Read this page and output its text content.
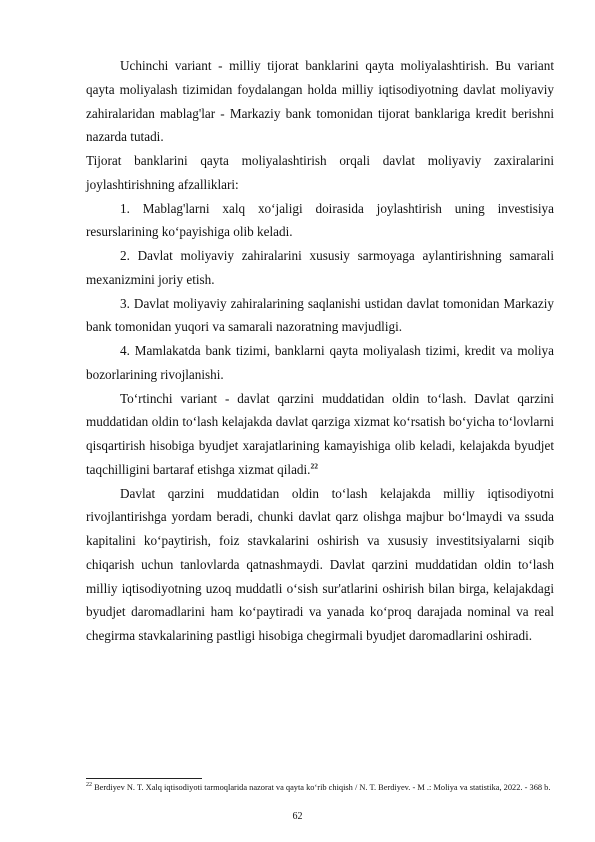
Uchinchi variant - milliy tijorat banklarini qayta moliyalashtirish. Bu variant qayta moliyalash tizimidan foydalangan holda milliy iqtisodiyotning davlat moliyaviy zahiralaridan mablag'lar - Markaziy bank tomonidan tijorat banklariga kredit berishni nazarda tutadi.

Tijorat banklarini qayta moliyalashtirish orqali davlat moliyaviy zaxiralarini joylashtirishning afzalliklari:

1. Mablag'larni xalq xo‘jaligi doirasida joylashtirish uning investisiya resurslarining ko‘payishiga olib keladi.

2. Davlat moliyaviy zahiralarini xususiy sarmoyaga aylantirishning samarali mexanizmini joriy etish.

3. Davlat moliyaviy zahiralarining saqlanishi ustidan davlat tomonidan Markaziy bank tomonidan yuqori va samarali nazoratning mavjudligi.

4. Mamlakatda bank tizimi, banklarni qayta moliyalash tizimi, kredit va moliya bozorlarining rivojlanishi.

To‘rtinchi variant - davlat qarzini muddatidan oldin to‘lash. Davlat qarzini muddatidan oldin to‘lash kelajakda davlat qarziga xizmat ko‘rsatish bo‘yicha to‘lovlarni qisqartirish hisobiga byudjet xarajatlarining kamayishiga olib keladi, kelajakda byudjet taqchilligini bartaraf etishga xizmat qiladi.$^{22}$

Davlat qarzini muddatidan oldin to‘lash kelajakda milliy iqtisodiyotni rivojlantirishga yordam beradi, chunki davlat qarz olishga majbur bo‘lmaydi va ssuda kapitalini ko‘paytirish, foiz stavkalarini oshirish va xususiy investitsiyalarni siqib chiqarish uchun tanlovlarda qatnashmaydi. Davlat qarzini muddatidan oldin to‘lash milliy iqtisodiyotning uzoq muddatli o‘sish sur'atlarini oshirish bilan birga, kelajakdagi byudjet daromadlarini ham ko‘paytiradi va yanada ko‘proq darajada nominal va real chegirma stavkalarining pastligi hisobiga chegirmali byudjet daromadlarini oshiradi.

$^{22}$ Berdiyev N. T. Xalq iqtisodiyoti tarmoqlarida nazorat va qayta ko‘rib chiqish / N. T. Berdiyev. - M .: Moliya va statistika, 2022. - 368 b.
62
